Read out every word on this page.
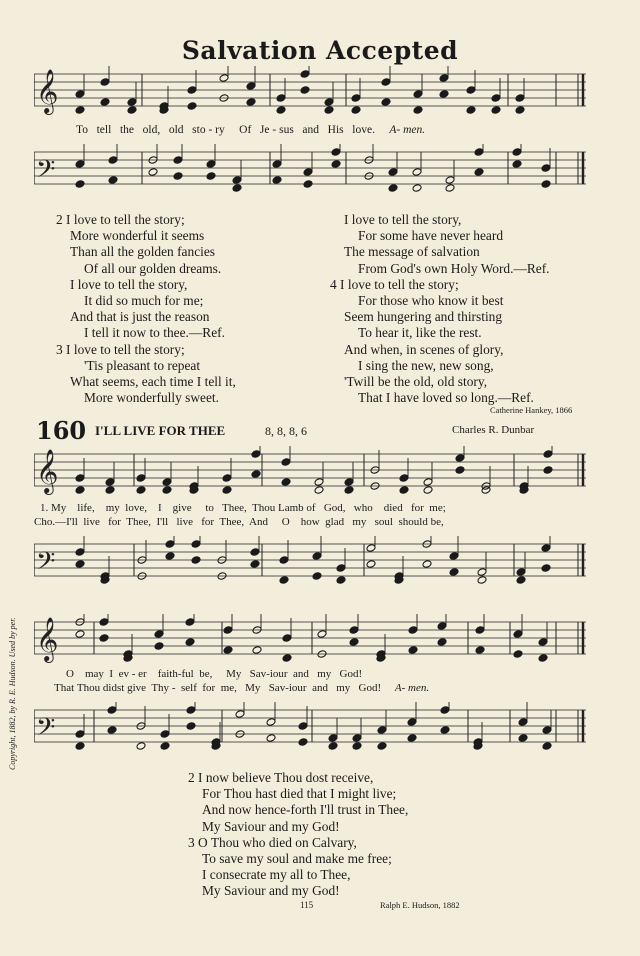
Salvation Accepted
𝄞
To tell the old, old sto - ry Of Je - sus and His love. A- men.
𝄢
2 I love to tell the story;
More wonderful it seems
Than all the golden fancies
Of all our golden dreams.
I love to tell the story,
It did so much for me;
And that is just the reason
I tell it now to thee.—Ref.
3 I love to tell the story;
'Tis pleasant to repeat
What seems, each time I tell it,
More wonderfully sweet.
I love to tell the story,
For some have never heard
The message of salvation
From God's own Holy Word.—Ref.
4 I love to tell the story;
For those who know it best
Seem hungering and thirsting
To hear it, like the rest.
And when, in scenes of glory,
I sing the new, new song,
'Twill be the old, old story,
That I have loved so long.—Ref.
Catherine Hankey, 1866
160 I'LL LIVE FOR THEE	8, 8, 8, 6	Charles R. Dunbar
𝄞
1. My life, my love, I give to Thee, Thou Lamb of God, who died for me;
Cho.—I'll live for Thee, I'll live for Thee, And O how glad my soul should be,
𝄢
𝄞
O may I ev - er faith-ful be, My Sav-iour and my God!
That Thou didst give Thy - self for me, My Sav-iour and my God! A- men.
𝄢
2 I now believe Thou dost receive,
For Thou hast died that I might live;
And now hence-forth I'll trust in Thee,
My Saviour and my God!
3 O Thou who died on Calvary,
To save my soul and make me free;
I consecrate my all to Thee,
My Saviour and my God!
Copyright, 1882, by R. E. Hudson. Used by per.
115	Ralph E. Hudson, 1882
